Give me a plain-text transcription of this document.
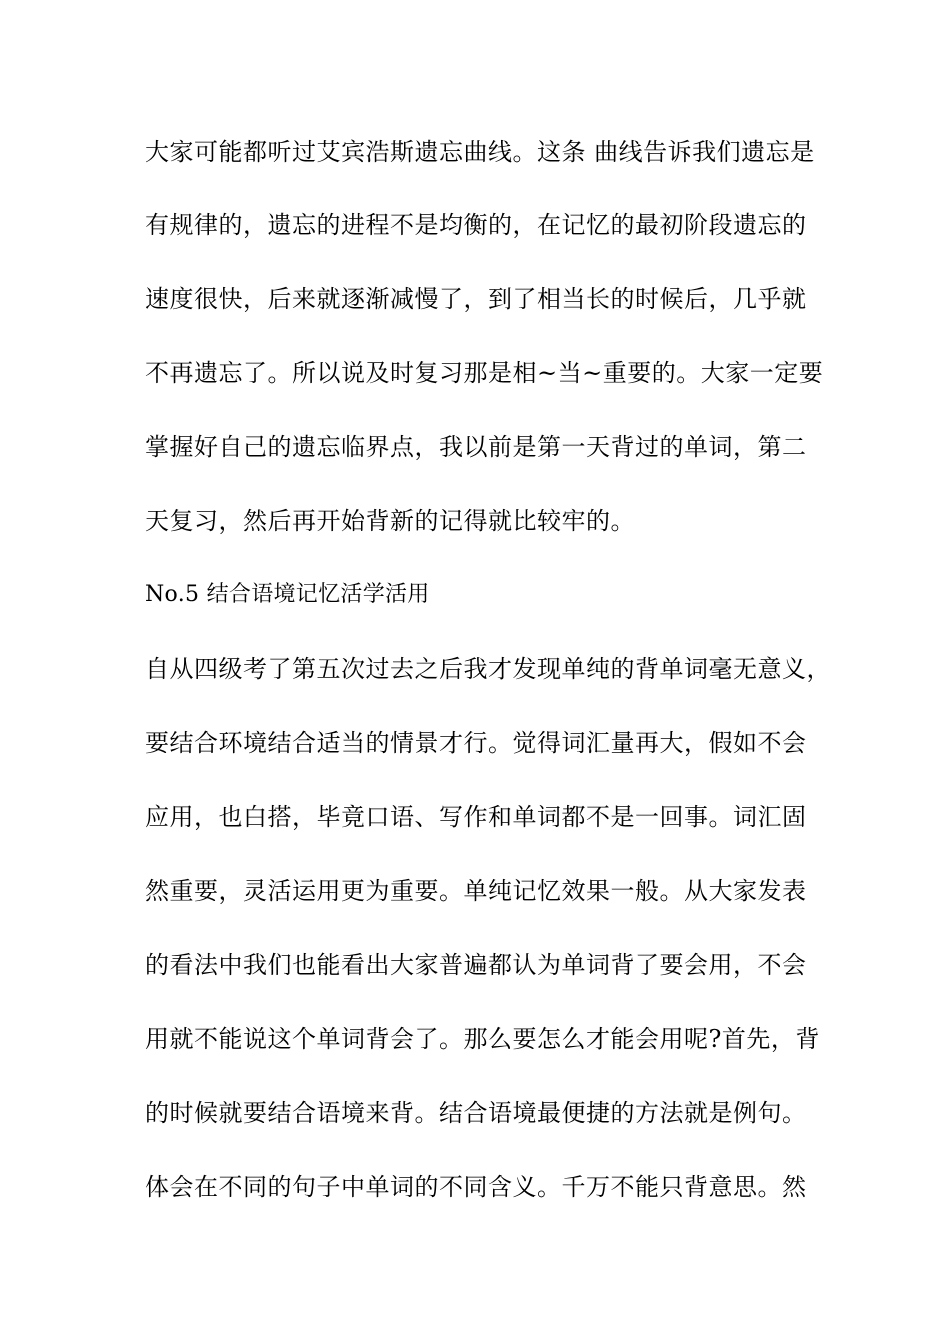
大家可能都听过艾宾浩斯遗忘曲线。这条 曲线告诉我们遗忘是
有规律的，遗忘的进程不是均衡的，在记忆的最初阶段遗忘的
速度很快，后来就逐渐减慢了，到了相当长的时候后，几乎就
不再遗忘了。所以说及时复习那是相~当~重要的。大家一定要
掌握好自己的遗忘临界点，我以前是第一天背过的单词，第二
天复习，然后再开始背新的记得就比较牢的。
No.5 结合语境记忆活学活用
自从四级考了第五次过去之后我才发现单纯的背单词毫无意义，
要结合环境结合适当的情景才行。觉得词汇量再大，假如不会
应用，也白搭，毕竟口语、写作和单词都不是一回事。词汇固
然重要，灵活运用更为重要。单纯记忆效果一般。从大家发表
的看法中我们也能看出大家普遍都认为单词背了要会用，不会
用就不能说这个单词背会了。那么要怎么才能会用呢?首先，背
的时候就要结合语境来背。结合语境最便捷的方法就是例句。
体会在不同的句子中单词的不同含义。千万不能只背意思。然
